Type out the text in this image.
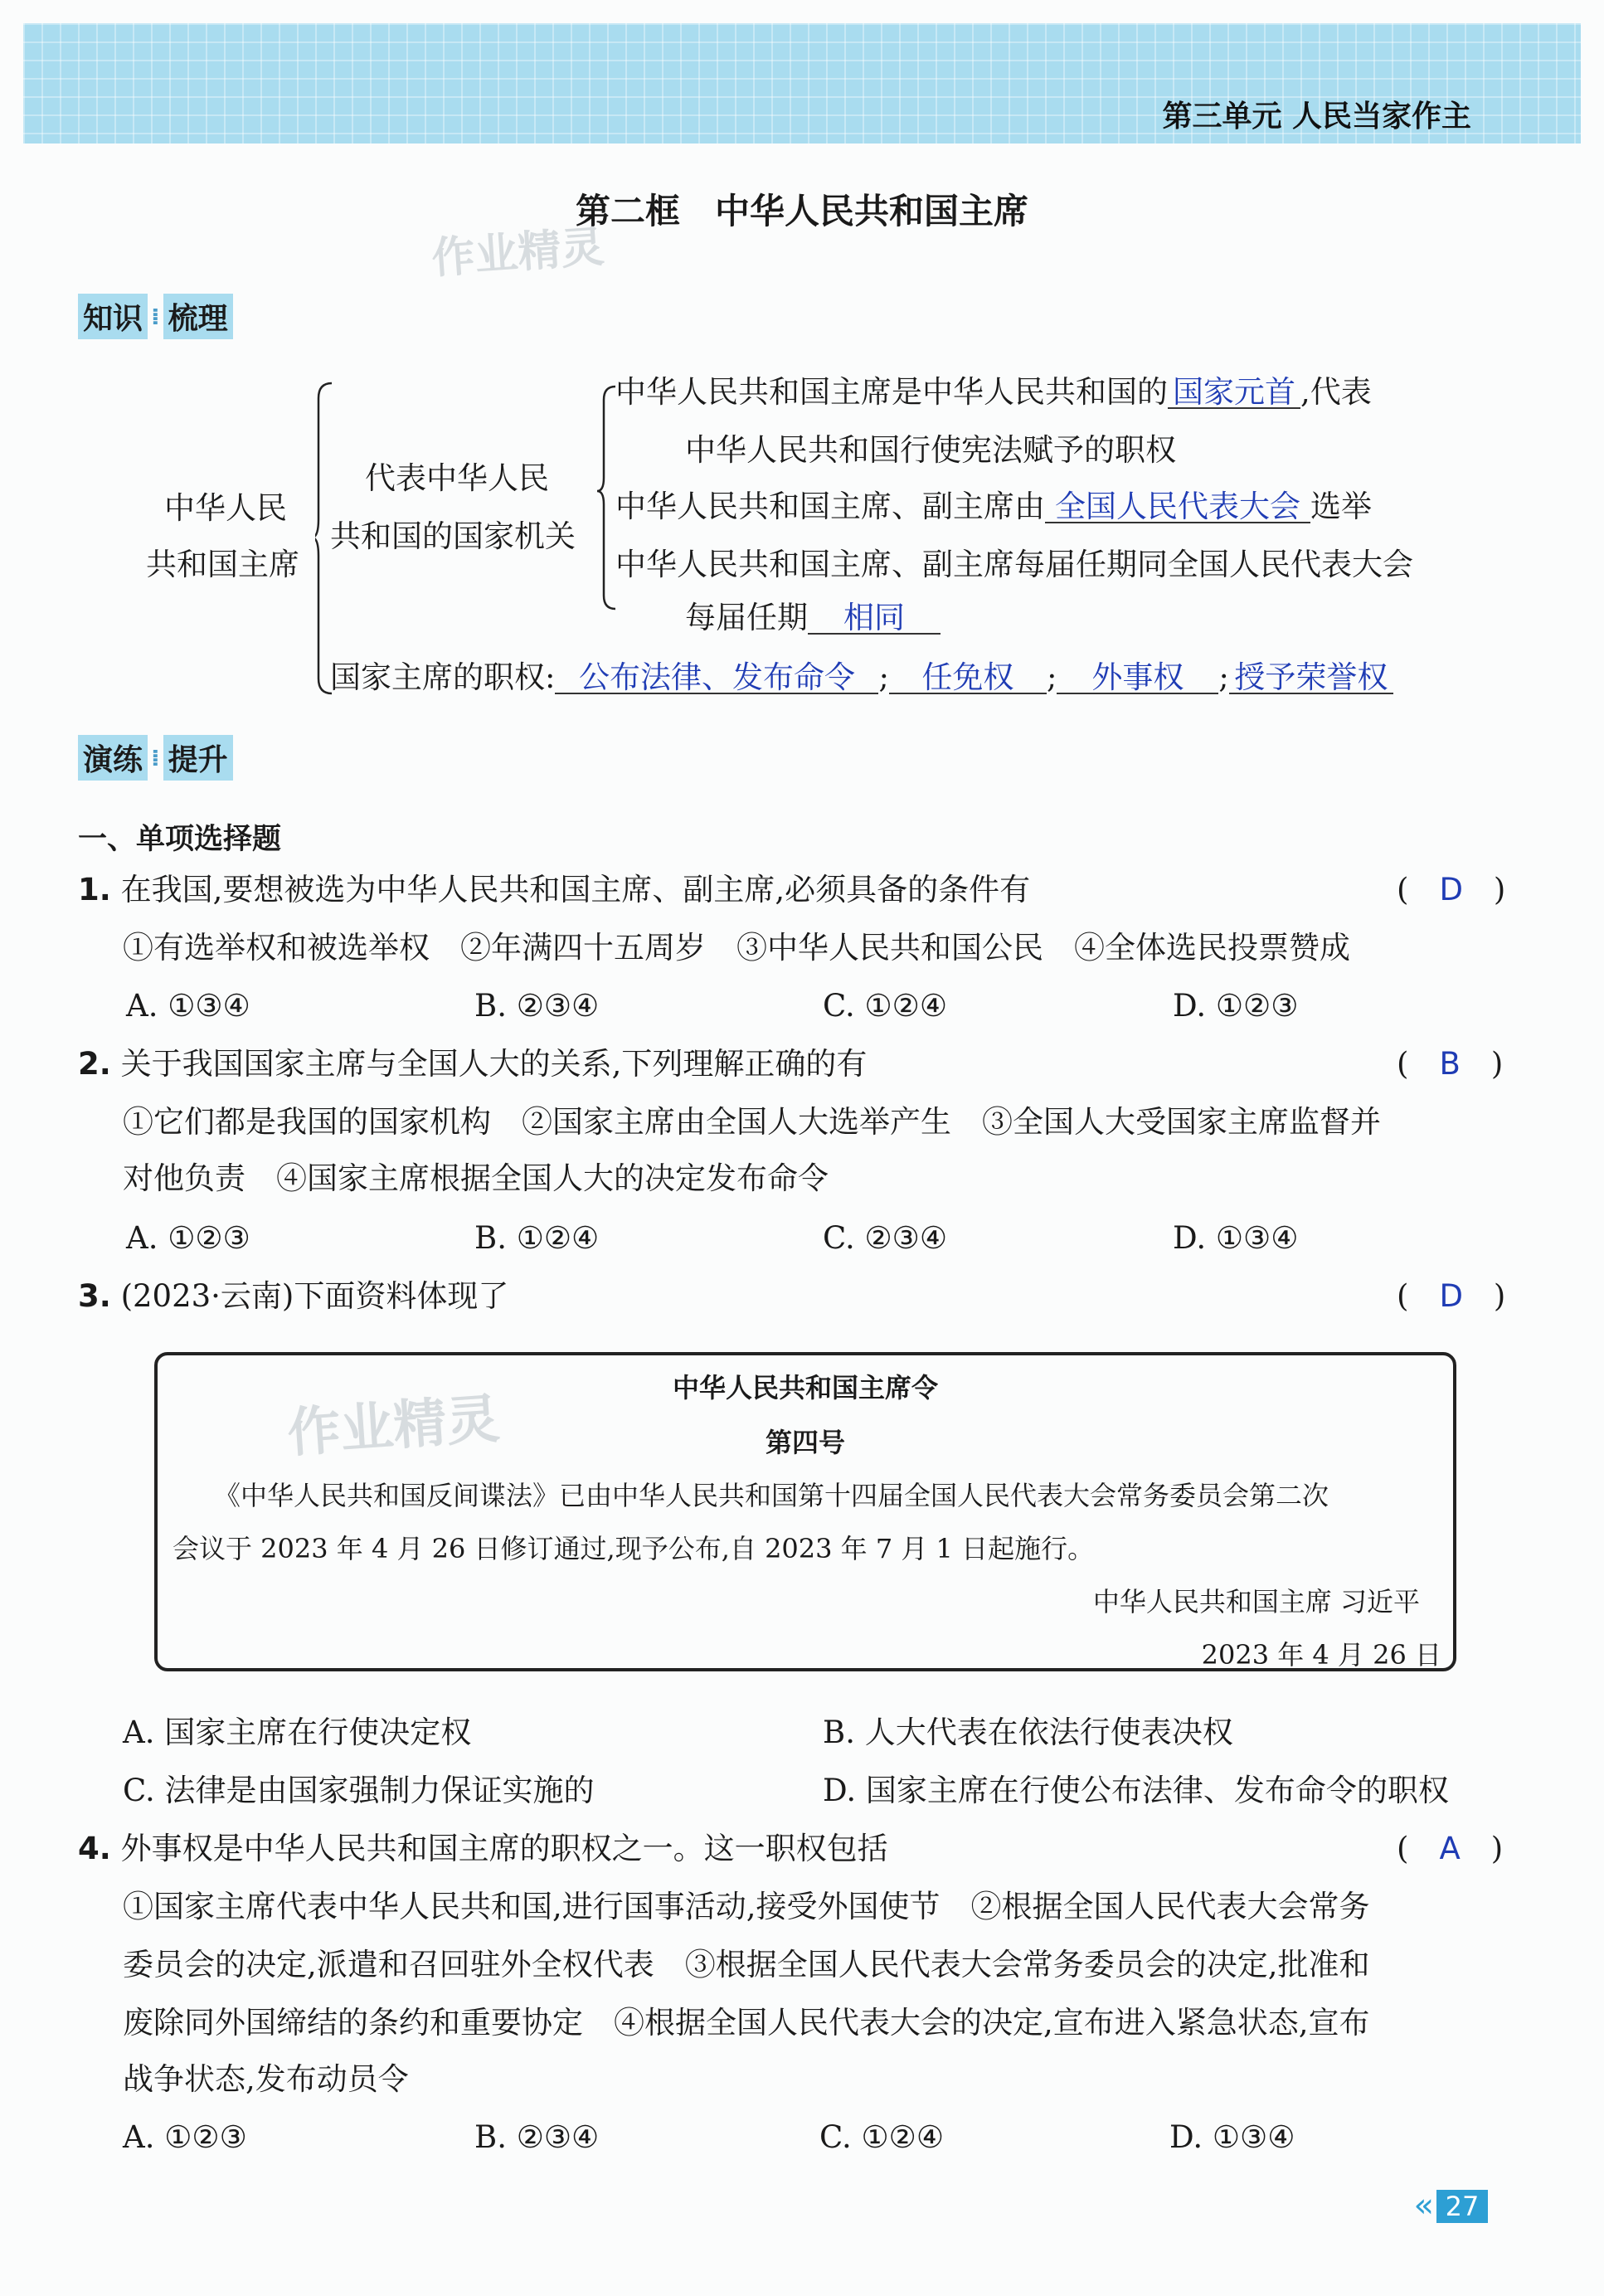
第三单元 人民当家作主
第二框　中华人民共和国主席
作业精灵
知识 ⁞ 梳理
中华人民
共和国主席
代表中华人民
共和国的国家机关
中华人民共和国主席是中华人民共和国的 国家元首 ,代表
中华人民共和国行使宪法赋予的职权
中华人民共和国主席、副主席由 全国人民代表大会 选举
中华人民共和国主席、副主席每届任期同全国人民代表大会
每届任期 相同
国家主席的职权: 公布法律、发布命令 ; 任免权 ; 外事权 ; 授予荣誉权
演练 ⁞ 提升
一、单项选择题
1. 在我国,要想被选为中华人民共和国主席、副主席,必须具备的条件有	(　D　)
①有选举权和被选举权　②年满四十五周岁　③中华人民共和国公民　④全体选民投票赞成
A. ①③④	B. ②③④	C. ①②④	D. ①②③
2. 关于我国国家主席与全国人大的关系,下列理解正确的有	(　B　)
①它们都是我国的国家机构　②国家主席由全国人大选举产生　③全国人大受国家主席监督并
对他负责　④国家主席根据全国人大的决定发布命令
A. ①②③	B. ①②④	C. ②③④	D. ①③④
3. (2023·云南)下面资料体现了	(　D　)
中华人民共和国主席令
第四号
《中华人民共和国反间谍法》已由中华人民共和国第十四届全国人民代表大会常务委员会第二次
会议于 2023 年 4 月 26 日修订通过,现予公布,自 2023 年 7 月 1 日起施行。
中华人民共和国主席 习近平
2023 年 4 月 26 日
作业精灵
A. 国家主席在行使决定权	B. 人大代表在依法行使表决权
C. 法律是由国家强制力保证实施的	D. 国家主席在行使公布法律、发布命令的职权
4. 外事权是中华人民共和国主席的职权之一。这一职权包括	(　A　)
①国家主席代表中华人民共和国,进行国事活动,接受外国使节　②根据全国人民代表大会常务
委员会的决定,派遣和召回驻外全权代表　③根据全国人民代表大会常务委员会的决定,批准和
废除同外国缔结的条约和重要协定　④根据全国人民代表大会的决定,宣布进入紧急状态,宣布
战争状态,发布动员令
A. ①②③	B. ②③④	C. ①②④	D. ①③④
« 27
